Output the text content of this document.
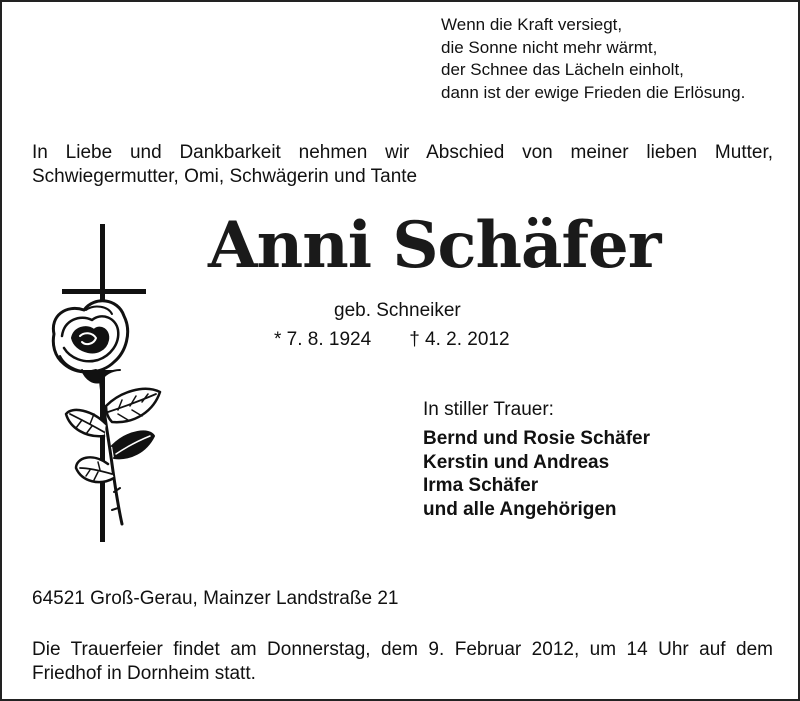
Wenn die Kraft versiegt,
die Sonne nicht mehr wärmt,
der Schnee das Lächeln einholt,
dann ist der ewige Frieden die Erlösung.
In Liebe und Dankbarkeit nehmen wir Abschied von meiner lieben Mutter, Schwiegermutter, Omi, Schwägerin und Tante
Anni Schäfer
geb. Schneiker
* 7. 8. 1924 † 4. 2. 2012
In stiller Trauer:
Bernd und Rosie Schäfer
Kerstin und Andreas
Irma Schäfer
und alle Angehörigen
64521 Groß-Gerau, Mainzer Landstraße 21
Die Trauerfeier findet am Donnerstag, dem 9. Februar 2012, um 14 Uhr auf dem Friedhof in Dornheim statt.
